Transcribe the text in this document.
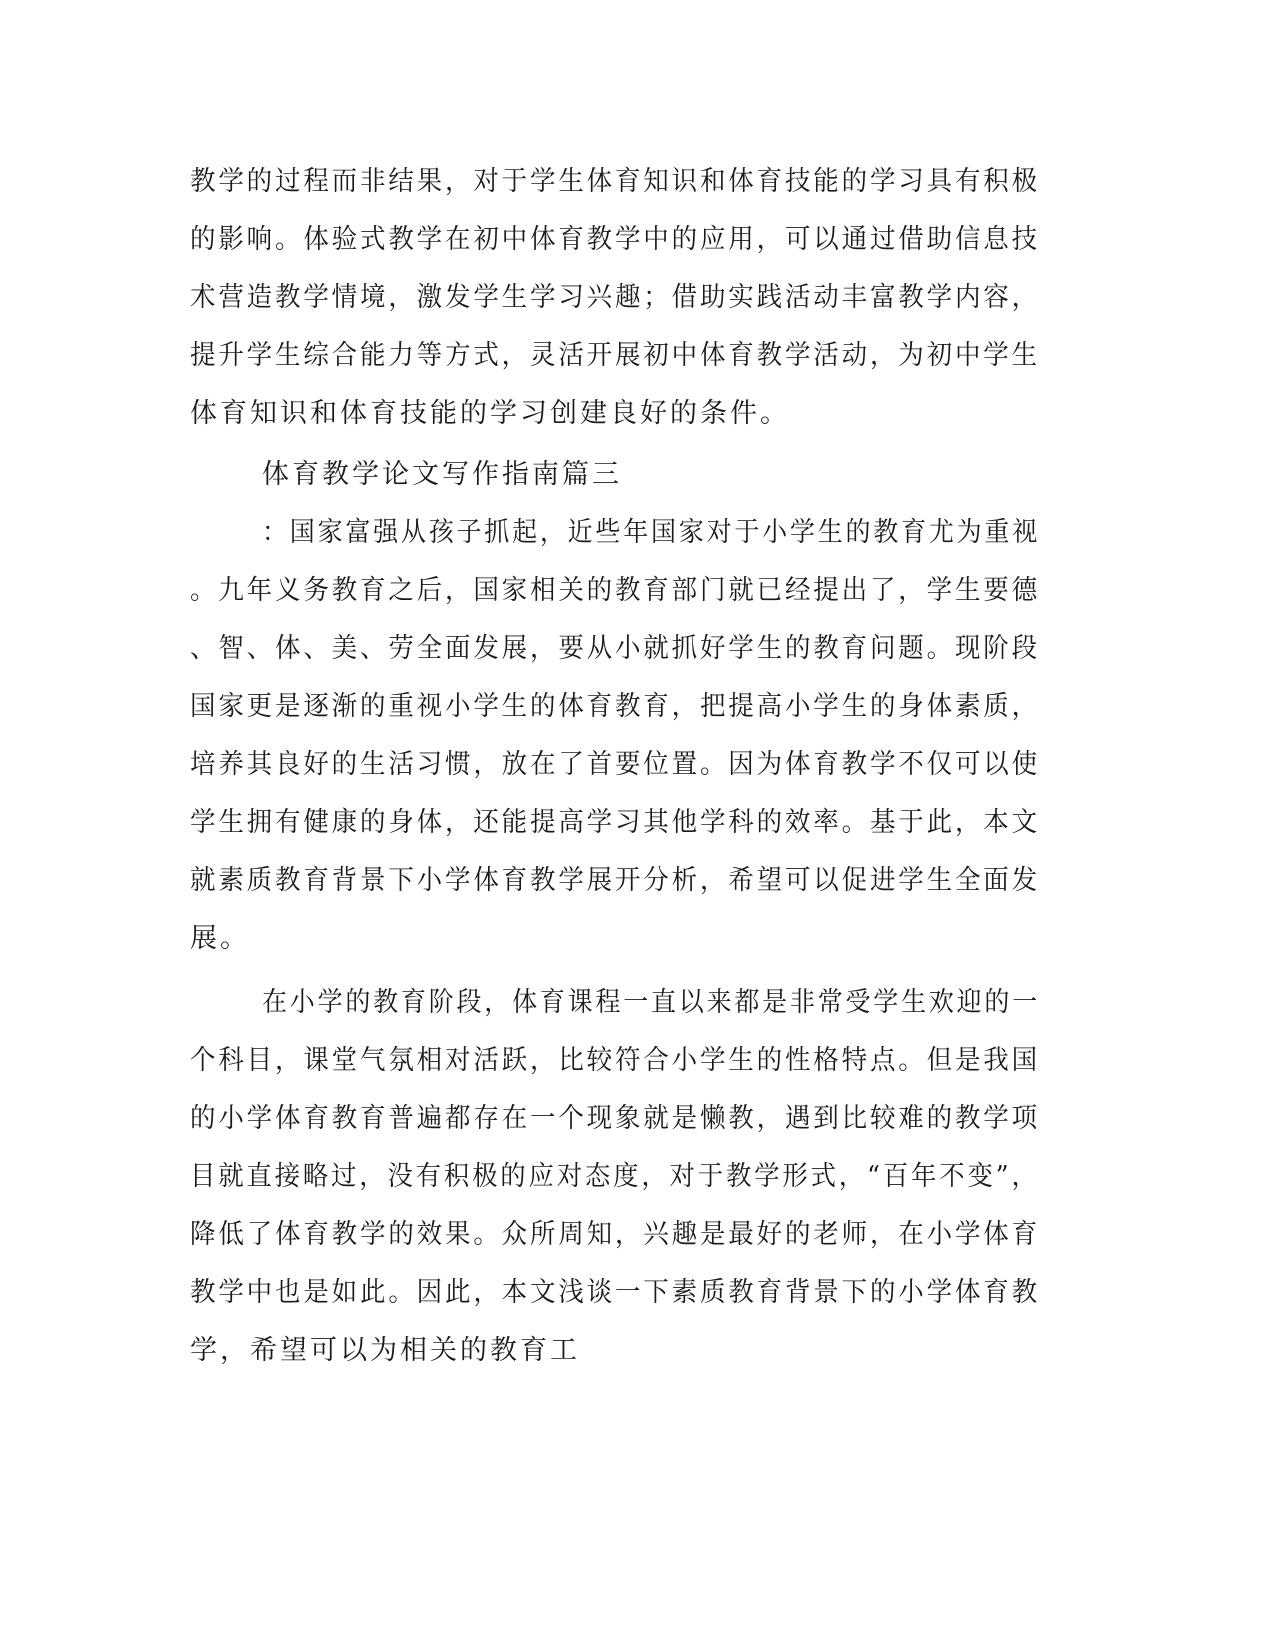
教学的过程而非结果，对于学生体育知识和体育技能的学习具有积极
的影响。体验式教学在初中体育教学中的应用，可以通过借助信息技
术营造教学情境，激发学生学习兴趣；借助实践活动丰富教学内容，
提升学生综合能力等方式，灵活开展初中体育教学活动，为初中学生
体育知识和体育技能的学习创建良好的条件。
体育教学论文写作指南篇三
：国家富强从孩子抓起，近些年国家对于小学生的教育尤为重视
。九年义务教育之后，国家相关的教育部门就已经提出了，学生要德
、智、体、美、劳全面发展，要从小就抓好学生的教育问题。现阶段
国家更是逐渐的重视小学生的体育教育，把提高小学生的身体素质，
培养其良好的生活习惯，放在了首要位置。因为体育教学不仅可以使
学生拥有健康的身体，还能提高学习其他学科的效率。基于此，本文
就素质教育背景下小学体育教学展开分析，希望可以促进学生全面发
展。
在小学的教育阶段，体育课程一直以来都是非常受学生欢迎的一
个科目，课堂气氛相对活跃，比较符合小学生的性格特点。但是我国
的小学体育教育普遍都存在一个现象就是懒教，遇到比较难的教学项
目就直接略过，没有积极的应对态度，对于教学形式，“百年不变”，
降低了体育教学的效果。众所周知，兴趣是最好的老师，在小学体育
教学中也是如此。因此，本文浅谈一下素质教育背景下的小学体育教
学，希望可以为相关的教育工
